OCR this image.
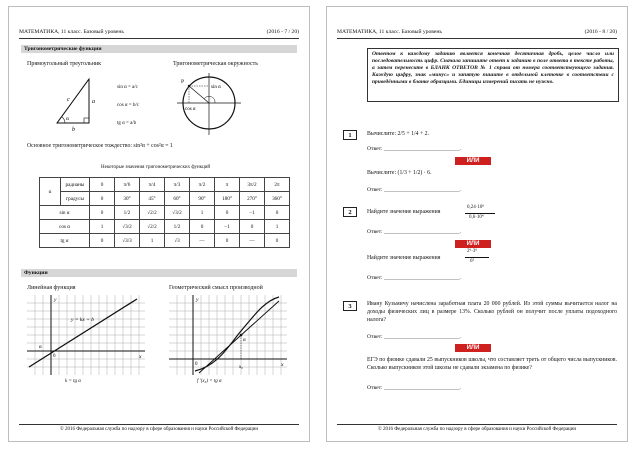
МАТЕМАТИКА, 11 класс. Базовый уровень	(2016 - 7 / 20)
Тригонометрические функции
Прямоугольный треугольник	Тригонометрическая окружность
c	a
b
α
sin α = a/c
cos α = b/c
tg α = a/b
P
sin α
cos α
Основное тригонометрическое тождество: sin²α + cos²α = 1
Некоторые значения тригонометрических функций
α	радианы	0	π/6	π/4	π/3	π/2	π	3π/2	2π
	градусы	0	30°	45°	60°	90°	180°	270°	360°
sin α		0	1/2	√2/2	√3/2	1	0	−1	0
cos α		1	√3/2	√2/2	1/2	0	−1	0	1
tg α		0	√3/3	1	√3	—	0	—	0
Функции
Линейная функция	Геометрический смысл производной
0
α
x
y
y = kx + b
k = tg α
0	x
y
α
x₀
f ′(x₀) = tg α
© 2016 Федеральная служба по надзору в сфере образования и науки Российской Федерации
МАТЕМАТИКА, 11 класс. Базовый уровень	(2016 - 8 / 20)
Ответом к каждому заданию является конечная десятичная дробь, целое число или последовательность цифр. Сначала запишите ответ к заданию в поле ответа в тексте работы, а затем перенесите в БЛАНК ОТВЕТОВ № 1 справа от номера соответствующего задания. Каждую цифру, знак «минус» и запятую пишите в отдельной клеточке в соответствии с приведёнными в бланке образцами. Единицы измерений писать не нужно.
1	Вычислите: 2/5 + 1/4 + 2.
Ответ: ___________________________.
ИЛИ
Вычислите: (1/3 + 1/2) · 6.
Ответ: ___________________________.
2	Найдите значение выражения
0,24·10⁶
0,6·10⁴
Ответ: ___________________________.
ИЛИ
Найдите значение выражения
2⁶·3⁶
6⁵
Ответ: ___________________________.
3	Ивану Кузьмичу начислена заработная плата 20 000 рублей. Из этой суммы вычитается налог на доходы физических лиц в размере 13%. Сколько рублей он получит после уплаты подоходного налога?
Ответ: ___________________________.
ИЛИ
ЕГЭ по физике сдавали 25 выпускников школы, что составляет треть от общего числа выпускников. Сколько выпускников этой школы не сдавали экзамена по физике?
Ответ: ___________________________.
© 2016 Федеральная служба по надзору в сфере образования и науки Российской Федерации
